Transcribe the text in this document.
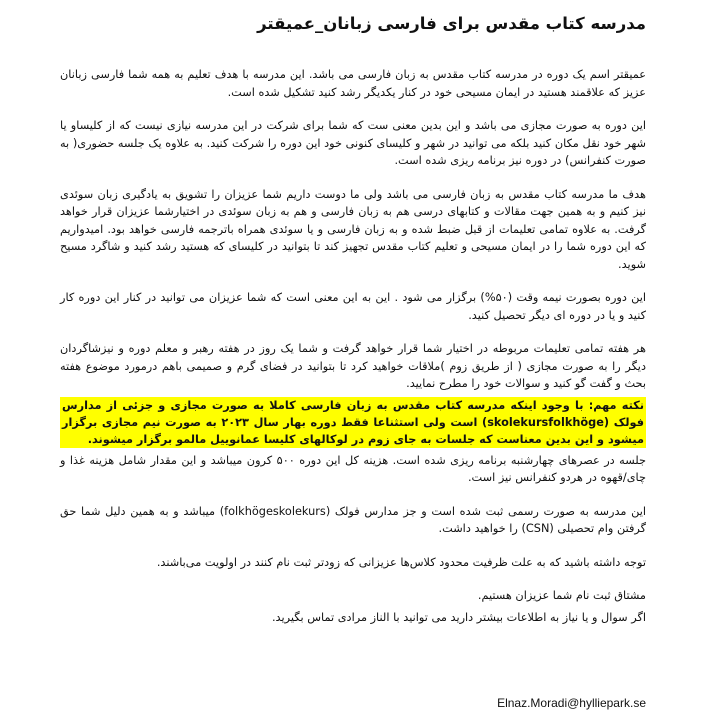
مدرسه کتاب مقدس برای فارسی زبانان_عمیقتر

عمیقتر اسم یک دوره در مدرسه کتاب مقدس به زبان فارسی می باشد. این مدرسه با هدف تعلیم به همه شما فارسی زبانان عزیز که علاقمند هستید در ایمان مسیحی خود در کنار یکدیگر رشد کنید تشکیل شده است.

این دوره به صورت مجازی می باشد و این بدین معنی ست که شما برای شرکت در این مدرسه نیازی نیست که از کلیساو یا شهر خود نقل مکان کنید بلکه می توانید در شهر و کلیسای کنونی خود این دوره را شرکت کنید. به علاوه یک جلسه حضوری( به صورت کنفرانس) در دوره نیز برنامه ریزی شده است.

هدف ما مدرسه کتاب مقدس به زبان فارسی می باشد ولی ما دوست داریم شما عزیزان را تشویق به یادگیری زبان سوئدی نیز کنیم و به همین جهت مقالات و کتابهای درسی هم به زبان فارسی و هم به زبان سوئدی در اختیارشما عزیزان قرار خواهد گرفت. به علاوه تمامی تعلیمات از قبل ضبط شده و به زبان فارسی و یا سوئدی همراه باترجمه فارسی خواهد بود. امیدواریم که این دوره شما را در ایمان مسیحی و تعلیم کتاب مقدس تجهیز کند تا بتوانید در کلیسای که هستید رشد کنید و شاگرد مسیح شوید.

این دوره بصورت نیمه وقت (۵۰%) برگزار می شود . این به این معنی است که شما عزیزان می توانید در کنار این دوره کار کنید و یا در دوره ای دیگر تحصیل کنید.

هر هفته تمامی تعلیمات مربوطه در اختیار شما قرار خواهد گرفت و شما یک روز در هفته رهبر و معلم دوره و نیزشاگردان دیگر را به صورت مجازی ( از طریق زوم )ملاقات خواهید کرد تا بتوانید در فضای گرم و صمیمی باهم درمورد موضوع هفته بحث و گفت گو کنید و سوالات خود را مطرح نمایید.

نکته مهم: با وجود اینکه مدرسه کتاب مقدس به زبان فارسی کاملا به صورت مجازی و جزئی از مدارس فولک (skolekursfolkhöge) است ولی استثناعا فقط دوره بهار سال ۲۰۲۳ به صورت نیم مجازی برگزار میشود و این بدین معناست که جلسات به جای زوم در لوکالهای کلیسا عمانوییل مالمو برگزار میشوند.

جلسه در عصرهای چهارشنبه برنامه ریزی شده است. هزینه کل این دوره ۵۰۰ کرون میباشد و این مقدار شامل هزینه غذا و چای/قهوه در هردو کنفرانس نیز است.

این مدرسه به صورت رسمی ثبت شده است و جز مدارس فولک (folkhögeskolekurs) میباشد و به همین دلیل شما حق گرفتن وام تحصیلی (CSN) را خواهید داشت.

توجه داشته باشید که به علت ظرفیت محدود کلاس‌ها عزیزانی که زودتر ثبت نام کنند در اولویت می‌باشند.

مشتاق ثبت نام شما عزیزان هستیم.

اگر سوال و یا نیاز به اطلاعات بیشتر دارید می توانید با الناز مرادی تماس بگیرید.

Elnaz.Moradi@hylliepark.se
